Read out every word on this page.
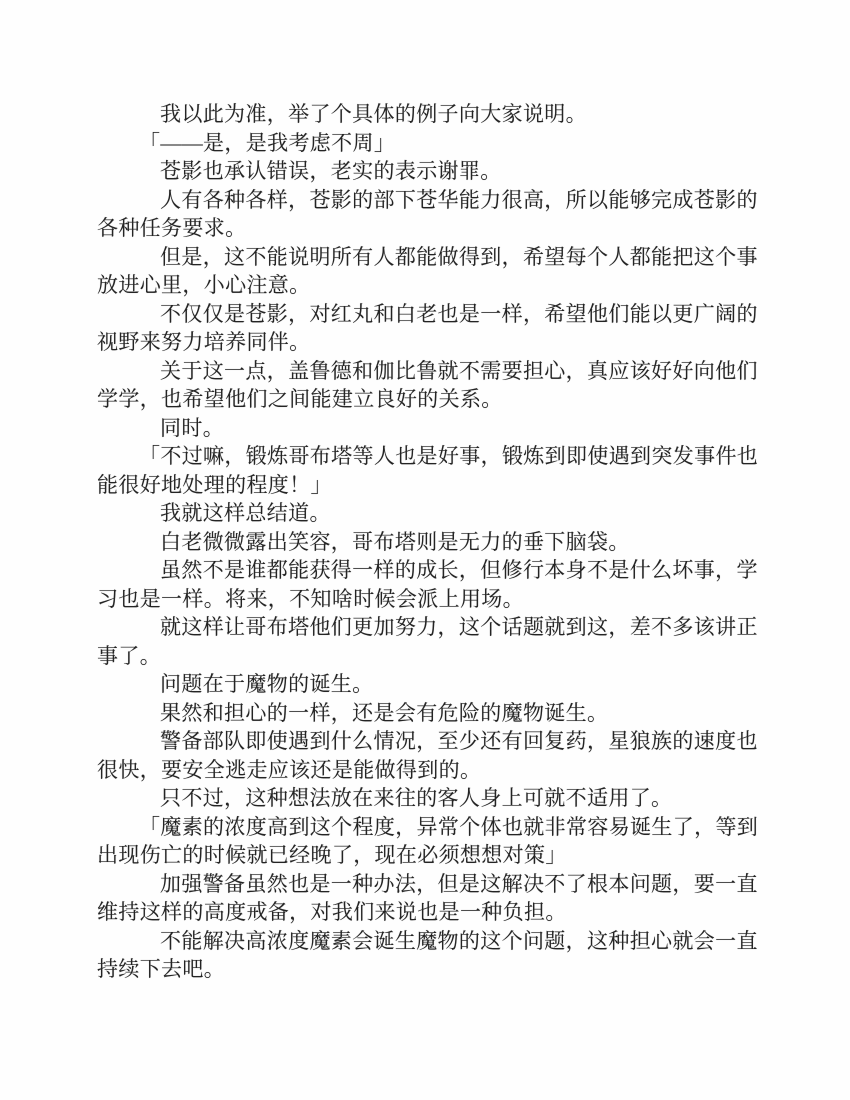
我以此为准，举了个具体的例子向大家说明。

「——是，是我考虑不周」

苍影也承认错误，老实的表示谢罪。

人有各种各样，苍影的部下苍华能力很高，所以能够完成苍影的各种任务要求。

但是，这不能说明所有人都能做得到，希望每个人都能把这个事放进心里，小心注意。

不仅仅是苍影，对红丸和白老也是一样，希望他们能以更广阔的视野来努力培养同伴。

关于这一点，盖鲁德和伽比鲁就不需要担心，真应该好好向他们学学，也希望他们之间能建立良好的关系。

同时。

「不过嘛，锻炼哥布塔等人也是好事，锻炼到即使遇到突发事件也能很好地处理的程度！」

我就这样总结道。

白老微微露出笑容，哥布塔则是无力的垂下脑袋。

虽然不是谁都能获得一样的成长，但修行本身不是什么坏事，学习也是一样。将来，不知啥时候会派上用场。

就这样让哥布塔他们更加努力，这个话题就到这，差不多该讲正事了。

问题在于魔物的诞生。

果然和担心的一样，还是会有危险的魔物诞生。

警备部队即使遇到什么情况，至少还有回复药，星狼族的速度也很快，要安全逃走应该还是能做得到的。

只不过，这种想法放在来往的客人身上可就不适用了。

「魔素的浓度高到这个程度，异常个体也就非常容易诞生了，等到出现伤亡的时候就已经晚了，现在必须想想对策」

加强警备虽然也是一种办法，但是这解决不了根本问题，要一直维持这样的高度戒备，对我们来说也是一种负担。

不能解决高浓度魔素会诞生魔物的这个问题，这种担心就会一直持续下去吧。
